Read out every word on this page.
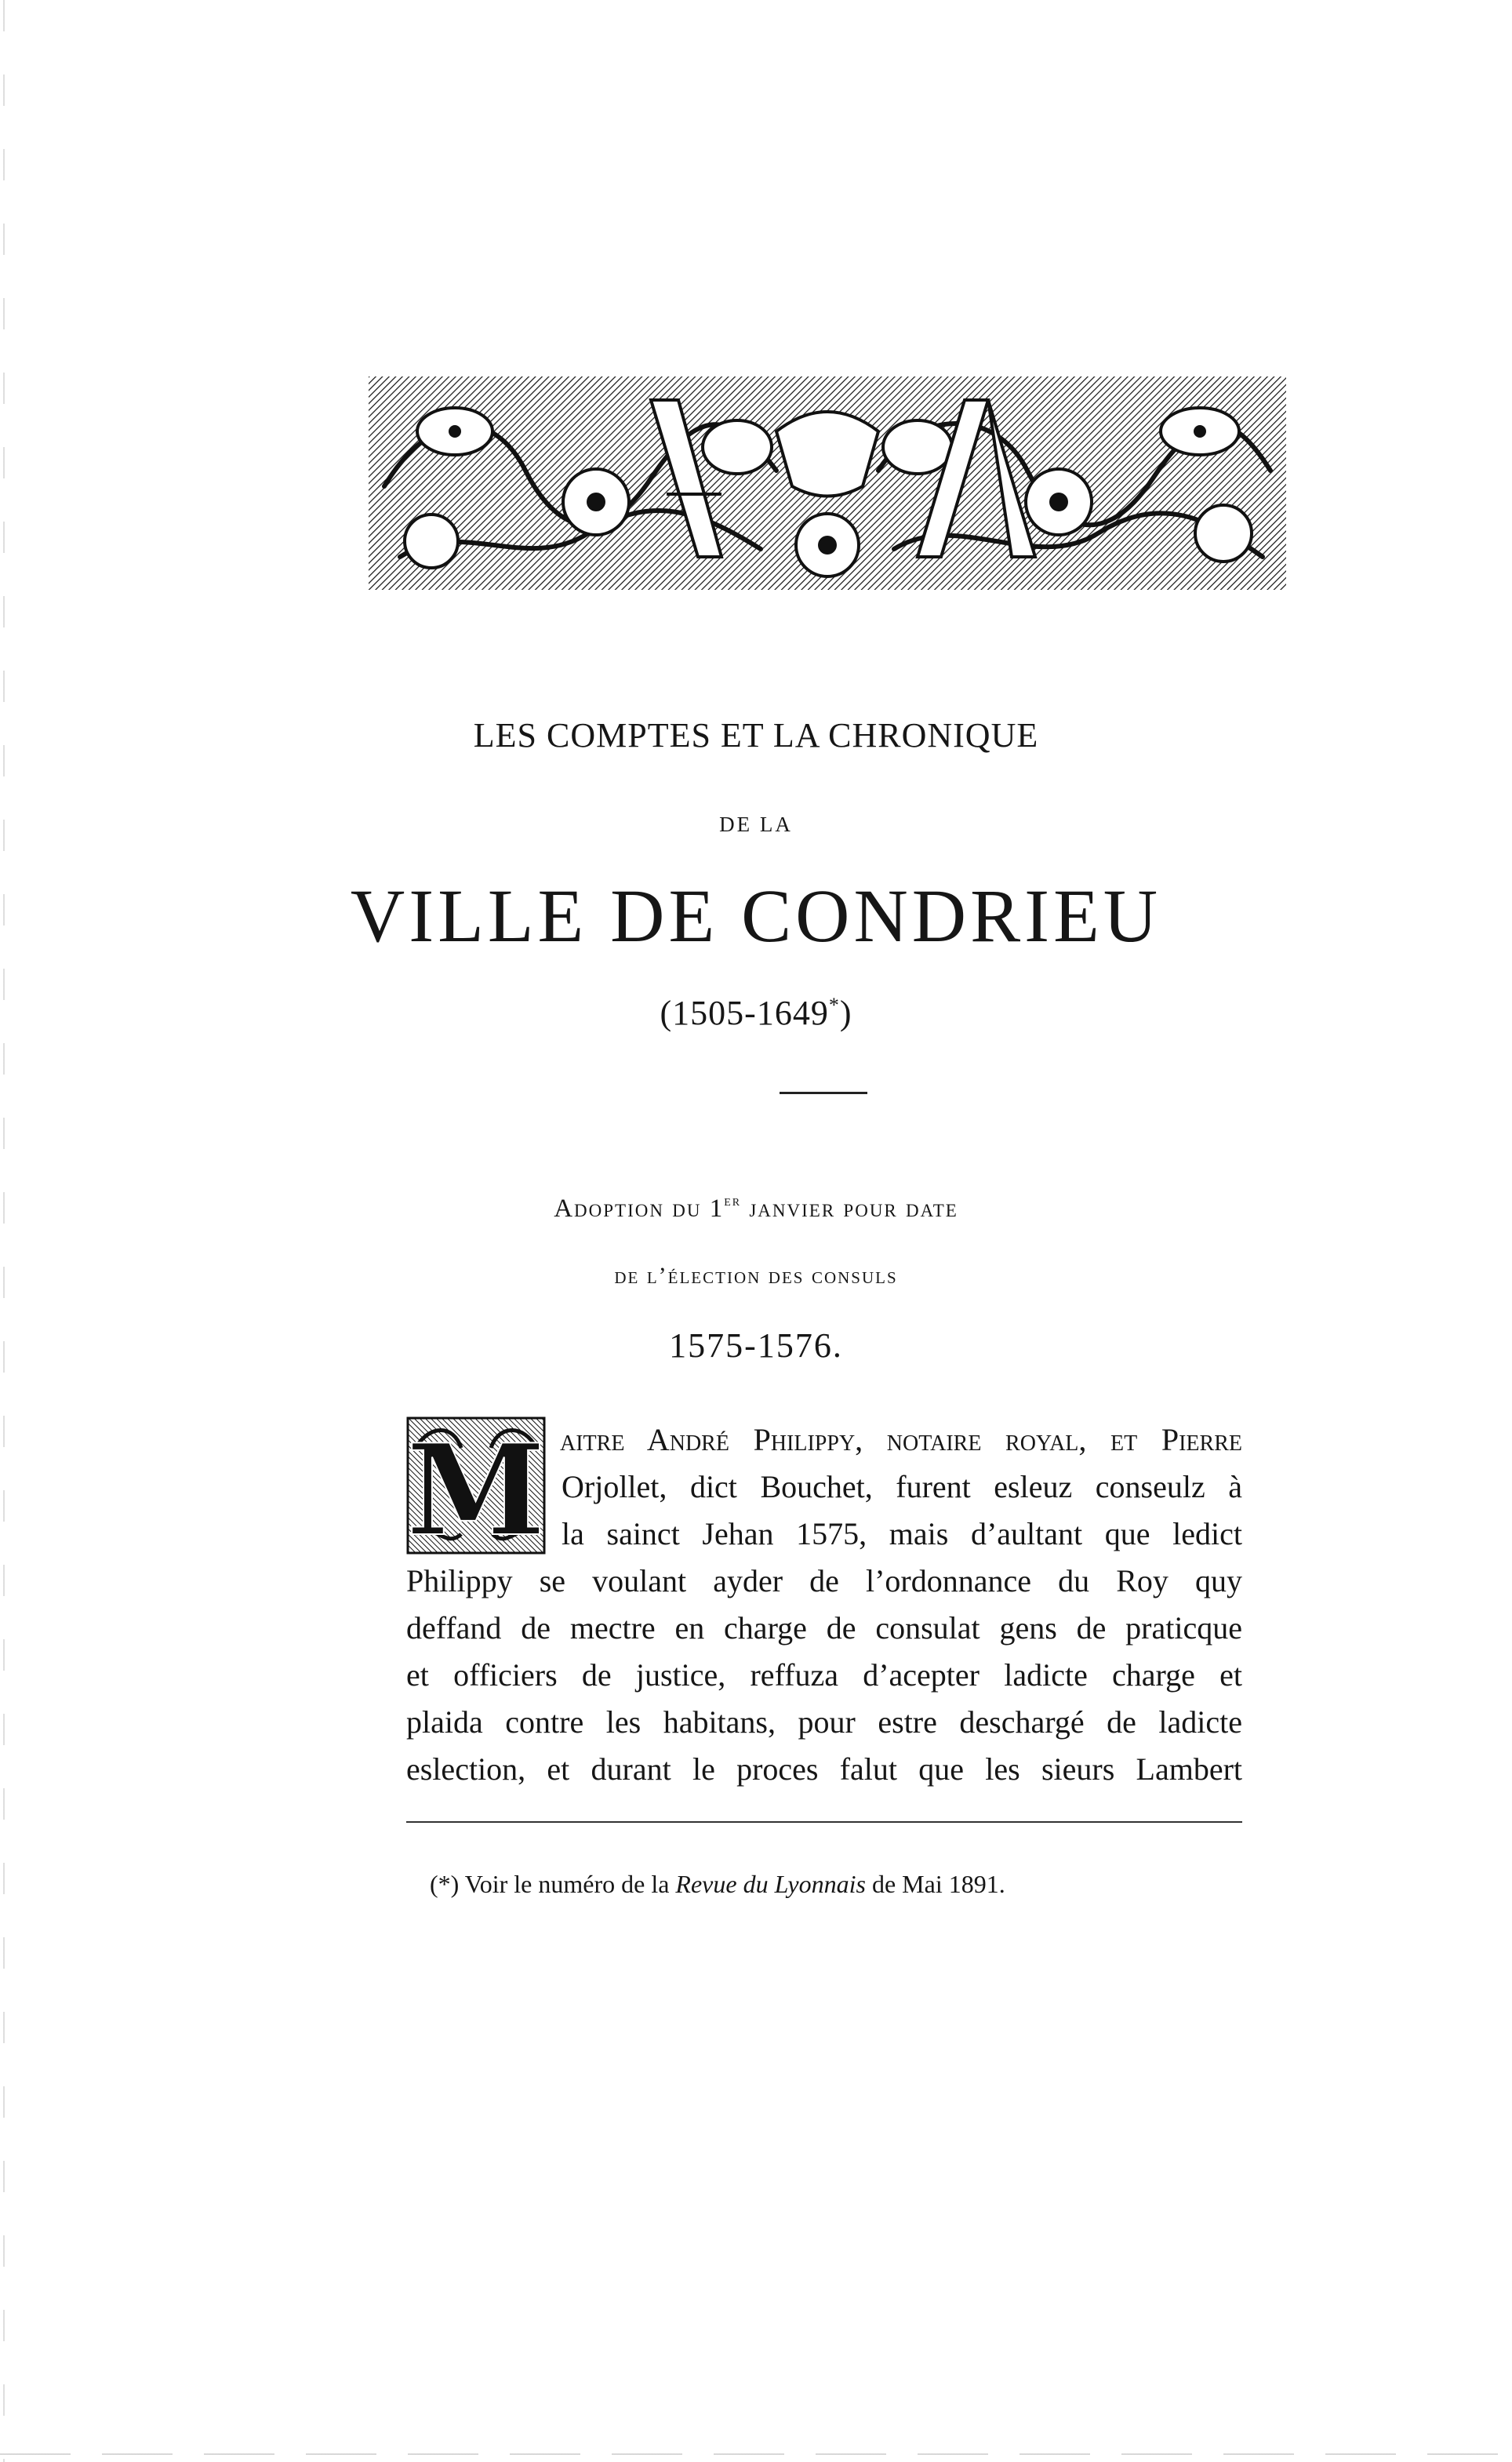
LES COMPTES ET LA CHRONIQUE
DE LA
VILLE DE CONDRIEU
(1505-1649*)
Adoption du 1er janvier pour date
de l’élection des consuls
1575-1576.
M aitre André Philippy, notaire royal, et Pierre
Orjollet, dict Bouchet, furent esleuz conseulz à
la sainct Jehan 1575, mais d’aultant que ledict
Philippy se voulant ayder de l’ordonnance du Roy quy
deffand de mectre en charge de consulat gens de praticque
et officiers de justice, reffuza d’acepter ladicte charge et
plaida contre les habitans, pour estre deschargé de ladicte
eslection, et durant le proces falut que les sieurs Lambert
(*) Voir le numéro de la Revue du Lyonnais de Mai 1891.
